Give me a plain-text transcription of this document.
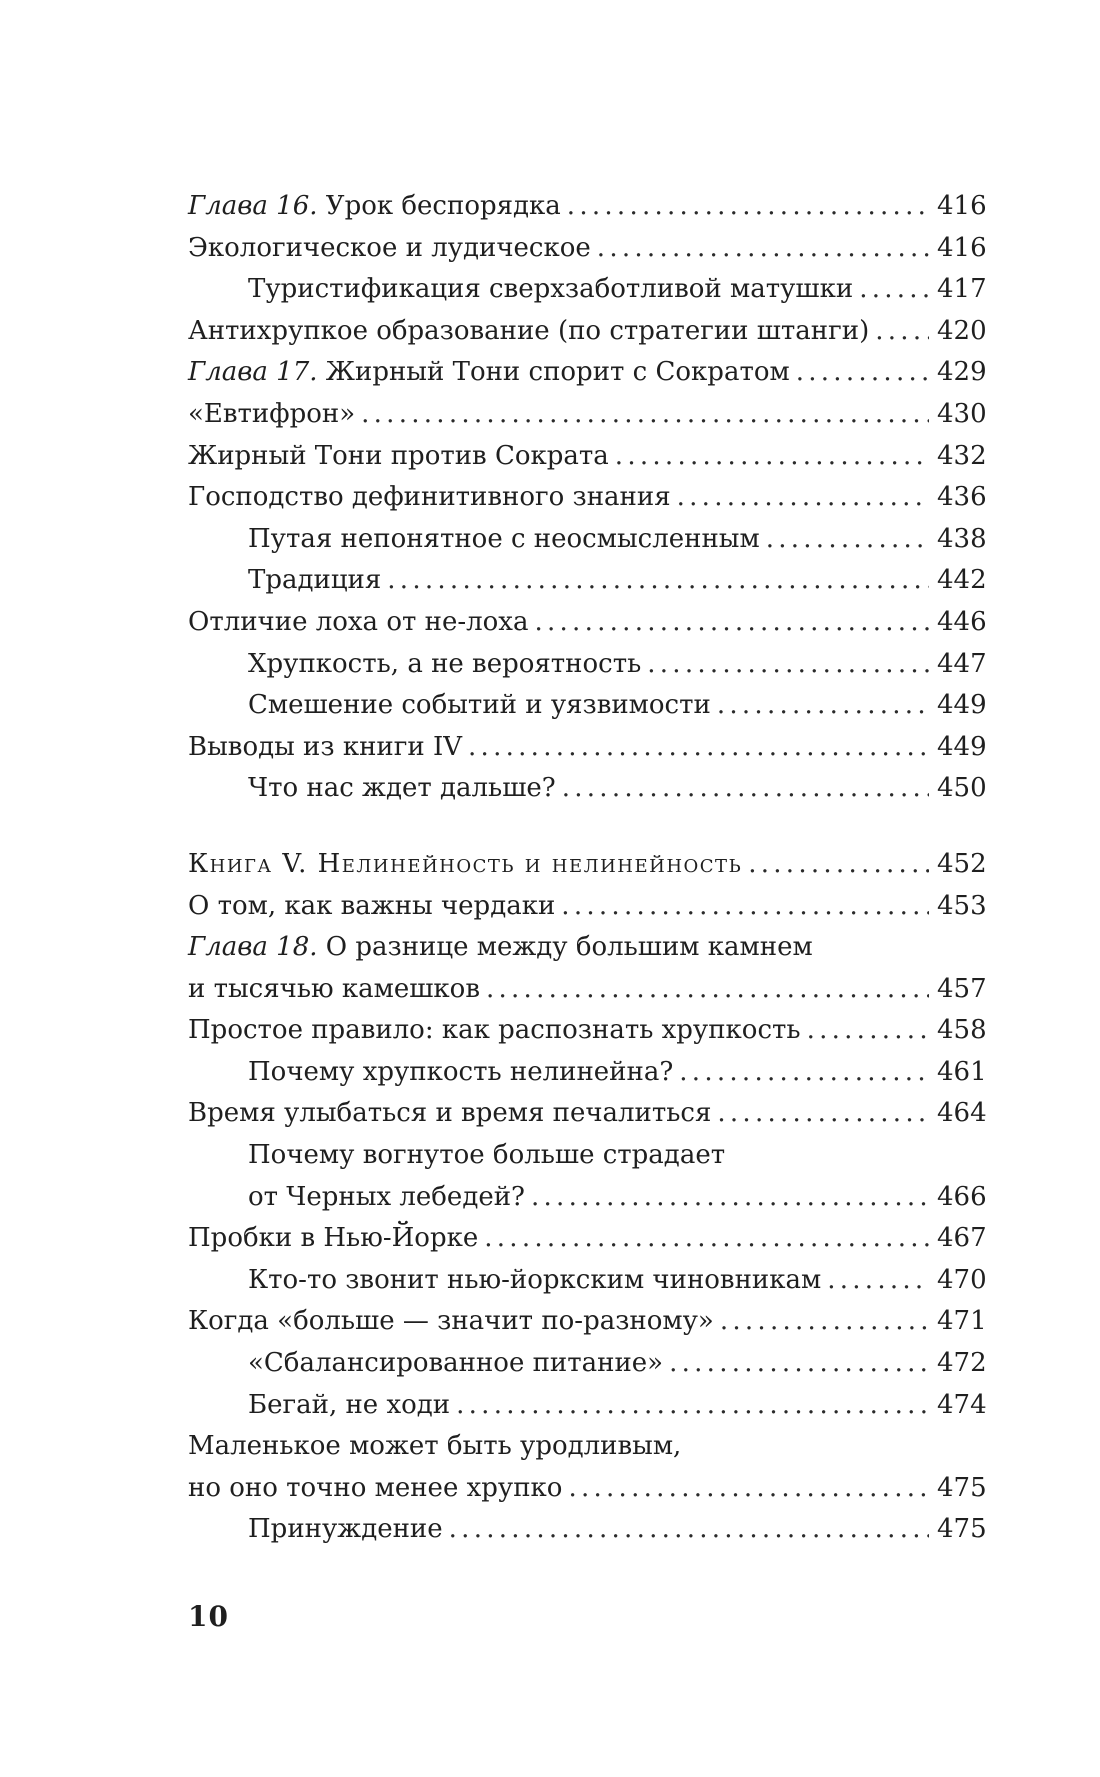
Глава 16. Урок беспорядка . . .	416
Экологическое и лудическое . . .	416
Туристификация сверхзаботливой матушки . . .	417
Антихрупкое образование (по стратегии штанги) . . .	420
Глава 17. Жирный Тони спорит с Сократом . . .	429
«Евтифрон» . . .	430
Жирный Тони против Сократа . . .	432
Господство дефинитивного знания . . .	436
Путая непонятное с неосмысленным . . .	438
Традиция . . .	442
Отличие лоха от не-лоха . . .	446
Хрупкость, а не вероятность . . .	447
Смешение событий и уязвимости . . .	449
Выводы из книги IV . . .	449
Что нас ждет дальше? . . .	450
Книга V. Нелинейность и нелинейность . . .	452
О том, как важны чердаки . . .	453
Глава 18. О разнице между большим камнем
и тысячью камешков . . .	457
Простое правило: как распознать хрупкость . . .	458
Почему хрупкость нелинейна? . . .	461
Время улыбаться и время печалиться . . .	464
Почему вогнутое больше страдает
от Черных лебедей? . . .	466
Пробки в Нью-Йорке . . .	467
Кто-то звонит нью-йоркским чиновникам . . .	470
Когда «больше — значит по-разному» . . .	471
«Сбалансированное питание» . . .	472
Бегай, не ходи . . .	474
Маленькое может быть уродливым,
но оно точно менее хрупко . . .	475
Принуждение . . .	475
10
